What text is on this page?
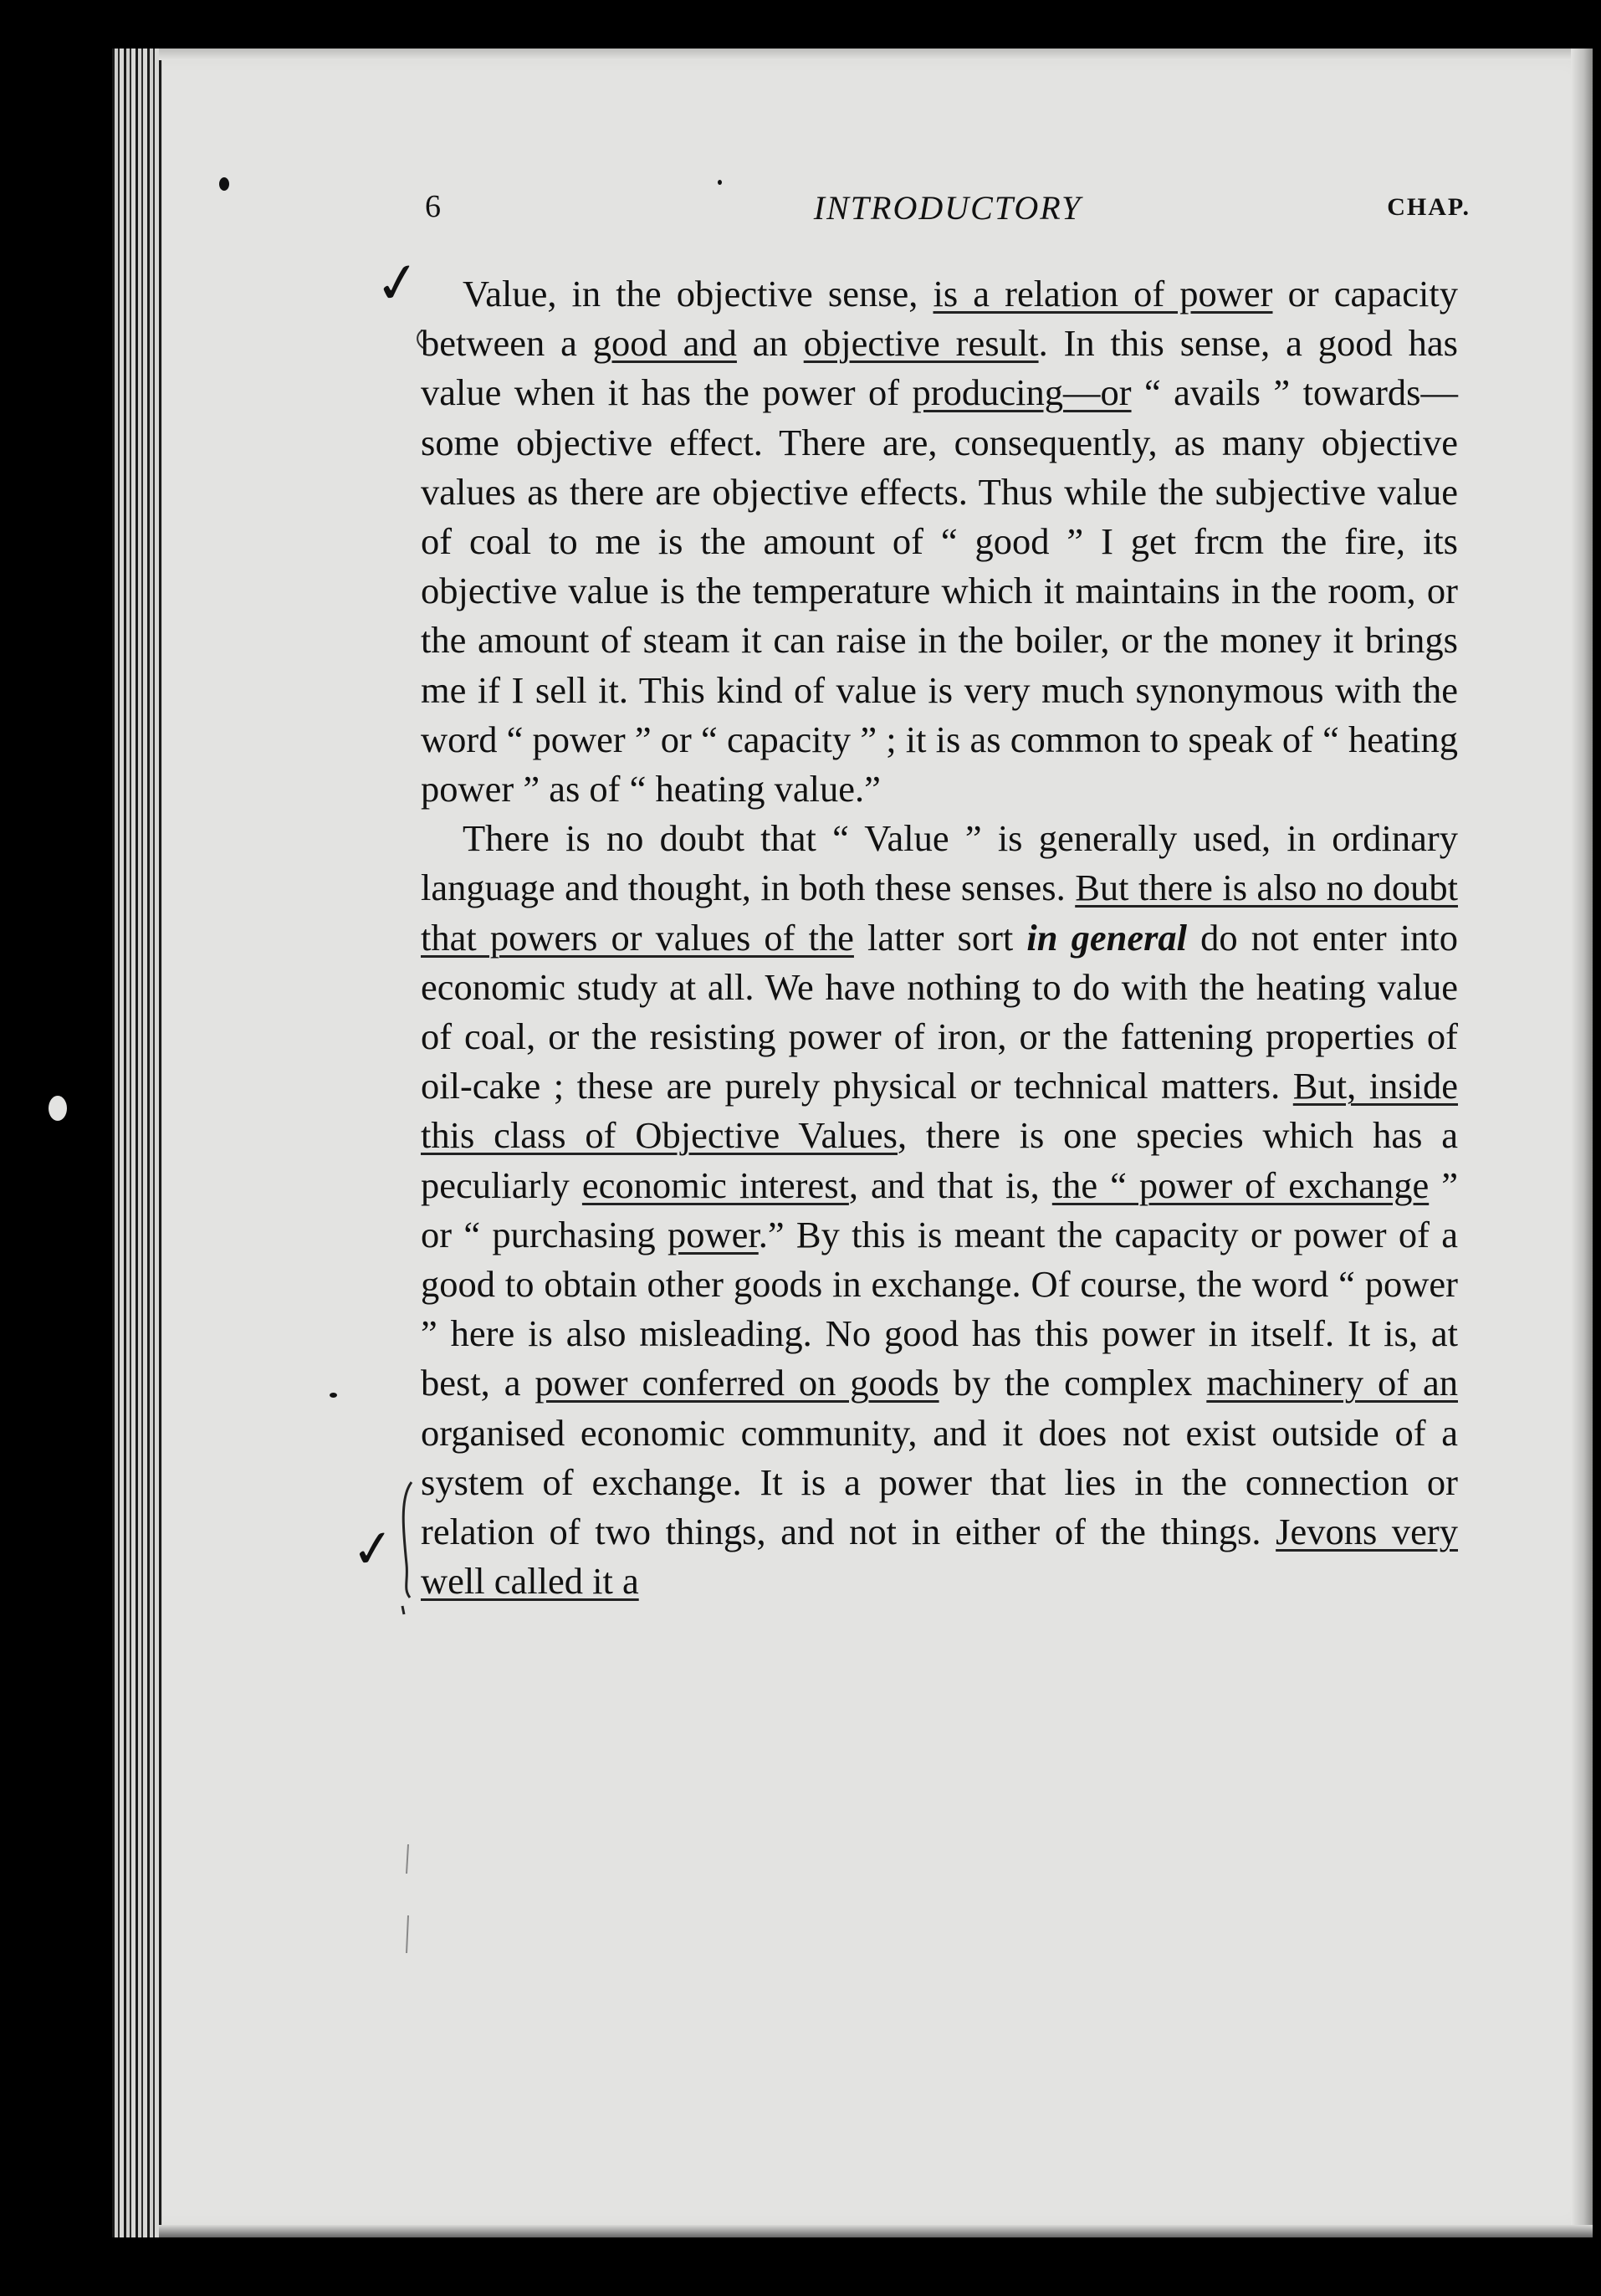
✓
✓
6	INTRODUCTORY	CHAP.

Value, in the objective sense, is a relation of power or capacity between a good and an objective result. In this sense, a good has value when it has the power of producing—or “ avails ” towards—some objective effect. There are, consequently, as many objective values as there are objective effects. Thus while the subjective value of coal to me is the amount of “ good ” I get frcm the fire, its objective value is the temperature which it maintains in the room, or the amount of steam it can raise in the boiler, or the money it brings me if I sell it. This kind of value is very much synonymous with the word “ power ” or “ capacity ” ; it is as common to speak of “ heating power ” as of “ heating value.”

There is no doubt that “ Value ” is generally used, in ordinary language and thought, in both these senses. But there is also no doubt that powers or values of the latter sort in general do not enter into economic study at all. We have nothing to do with the heating value of coal, or the resisting power of iron, or the fattening properties of oil-cake ; these are purely physical or technical matters. But, inside this class of Objective Values, there is one species which has a peculiarly economic interest, and that is, the “ power of exchange ” or “ purchasing power.” By this is meant the capacity or power of a good to obtain other goods in exchange. Of course, the word “ power ” here is also misleading. No good has this power in itself. It is, at best, a power conferred on goods by the complex machinery of an organised economic community, and it does not exist outside of a system of exchange. It is a power that lies in the connection or relation of two things, and not in either of the things. Jevons very well called it a
